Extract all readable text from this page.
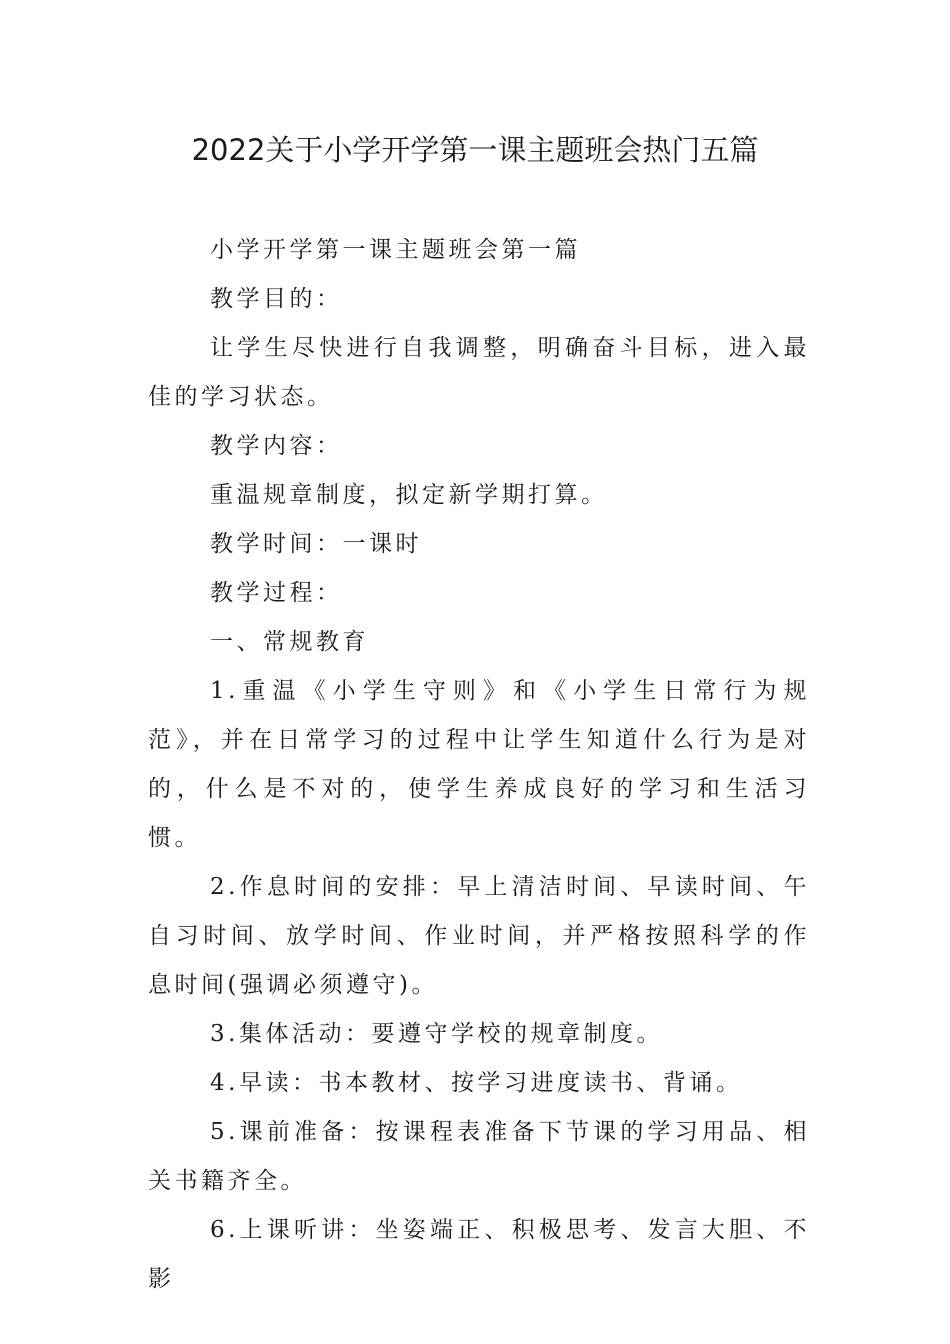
2022关于小学开学第一课主题班会热门五篇

小学开学第一课主题班会第一篇

教学目的：

让学生尽快进行自我调整，明确奋斗目标，进入最佳的学习状态。

教学内容：

重温规章制度，拟定新学期打算。

教学时间：一课时

教学过程：

一、常规教育

1.重温《小学生守则》和《小学生日常行为规范》，并在日常学习的过程中让学生知道什么行为是对的，什么是不对的，使学生养成良好的学习和生活习惯。

2.作息时间的安排：早上清洁时间、早读时间、午自习时间、放学时间、作业时间，并严格按照科学的作息时间(强调必须遵守)。

3.集体活动：要遵守学校的规章制度。

4.早读：书本教材、按学习进度读书、背诵。

5.课前准备：按课程表准备下节课的学习用品、相关书籍齐全。

6.上课听讲：坐姿端正、积极思考、发言大胆、不影
